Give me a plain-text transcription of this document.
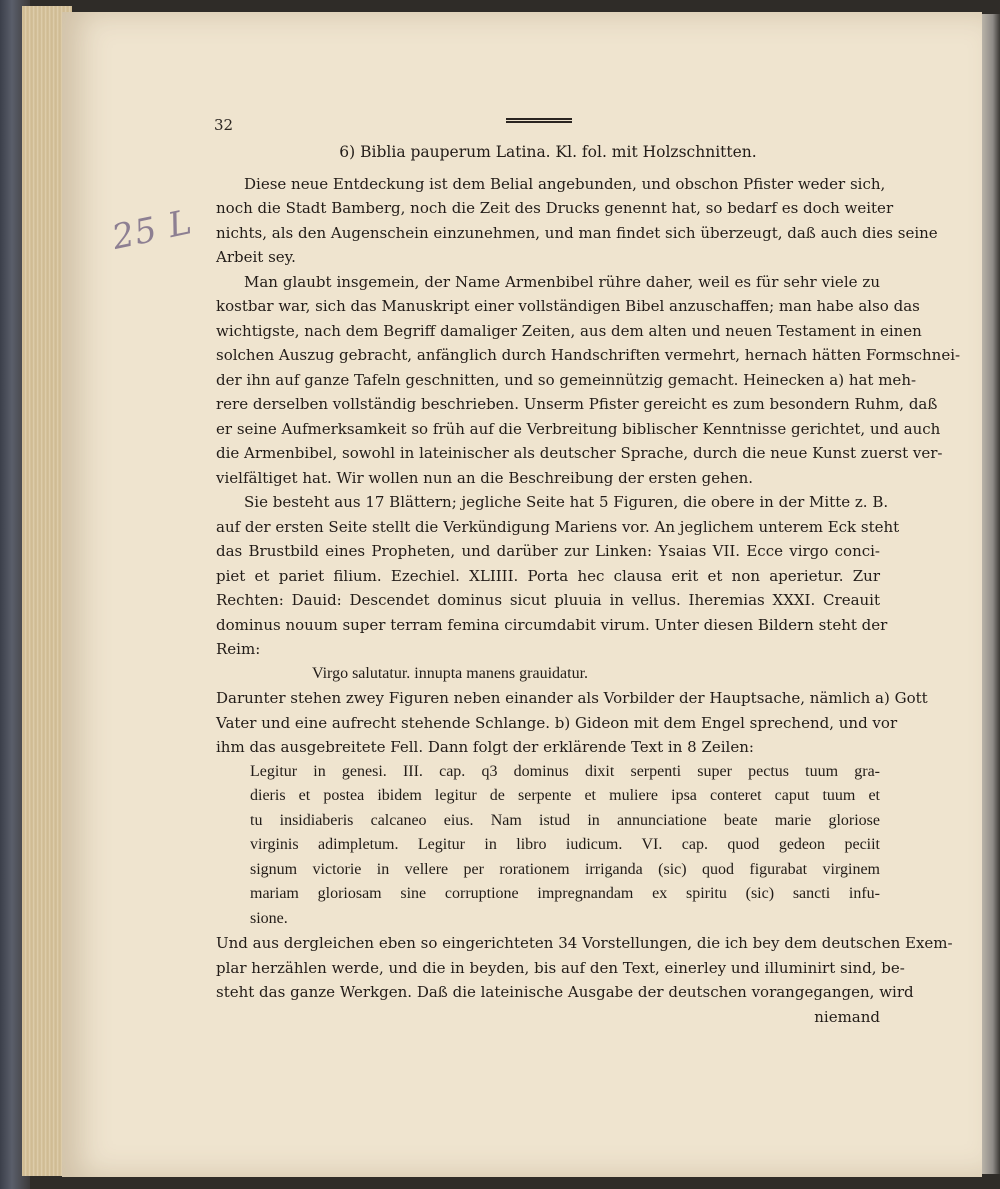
32
25 L
6) Biblia pauperum Latina. Kl. fol. mit Holzschnitten.
Diese neue Entdeckung ist dem Belial angebunden, und obschon Pfister weder sich,
noch die Stadt Bamberg, noch die Zeit des Drucks genennt hat, so bedarf es doch weiter
nichts, als den Augenschein einzunehmen, und man findet sich überzeugt, daß auch dies seine
Arbeit sey.
Man glaubt insgemein, der Name Armenbibel rühre daher, weil es für sehr viele zu
kostbar war, sich das Manuskript einer vollständigen Bibel anzuschaffen; man habe also das
wichtigste, nach dem Begriff damaliger Zeiten, aus dem alten und neuen Testament in einen
solchen Auszug gebracht, anfänglich durch Handschriften vermehrt, hernach hätten Formschnei-
der ihn auf ganze Tafeln geschnitten, und so gemeinnützig gemacht. Heinecken a) hat meh-
rere derselben vollständig beschrieben. Unserm Pfister gereicht es zum besondern Ruhm, daß
er seine Aufmerksamkeit so früh auf die Verbreitung biblischer Kenntnisse gerichtet, und auch
die Armenbibel, sowohl in lateinischer als deutscher Sprache, durch die neue Kunst zuerst ver-
vielfältiget hat. Wir wollen nun an die Beschreibung der ersten gehen.
Sie besteht aus 17 Blättern; jegliche Seite hat 5 Figuren, die obere in der Mitte z. B.
auf der ersten Seite stellt die Verkündigung Mariens vor. An jeglichem unterem Eck steht
das Brustbild eines Propheten, und darüber zur Linken: Ysaias VII. Ecce virgo conci-
piet et pariet filium. Ezechiel. XLIIII. Porta hec clausa erit et non aperietur. Zur
Rechten: Dauid: Descendet dominus sicut pluuia in vellus. Iheremias XXXI. Creauit
dominus nouum super terram femina circumdabit virum. Unter diesen Bildern steht der
Reim:
Virgo salutatur. innupta manens grauidatur.
Darunter stehen zwey Figuren neben einander als Vorbilder der Hauptsache, nämlich a) Gott
Vater und eine aufrecht stehende Schlange. b) Gideon mit dem Engel sprechend, und vor
ihm das ausgebreitete Fell. Dann folgt der erklärende Text in 8 Zeilen:
Legitur in genesi. III. cap. q3 dominus dixit serpenti super pectus tuum gra-
dieris et postea ibidem legitur de serpente et muliere ipsa conteret caput tuum et
tu insidiaberis calcaneo eius. Nam istud in annunciatione beate marie gloriose
virginis adimpletum. Legitur in libro iudicum. VI. cap. quod gedeon peciit
signum victorie in vellere per rorationem irriganda (sic) quod figurabat virginem
mariam gloriosam sine corruptione impregnandam ex spiritu (sic) sancti infu-
sione.
Und aus dergleichen eben so eingerichteten 34 Vorstellungen, die ich bey dem deutschen Exem-
plar herzählen werde, und die in beyden, bis auf den Text, einerley und illuminirt sind, be-
steht das ganze Werkgen. Daß die lateinische Ausgabe der deutschen vorangegangen, wird
niemand
